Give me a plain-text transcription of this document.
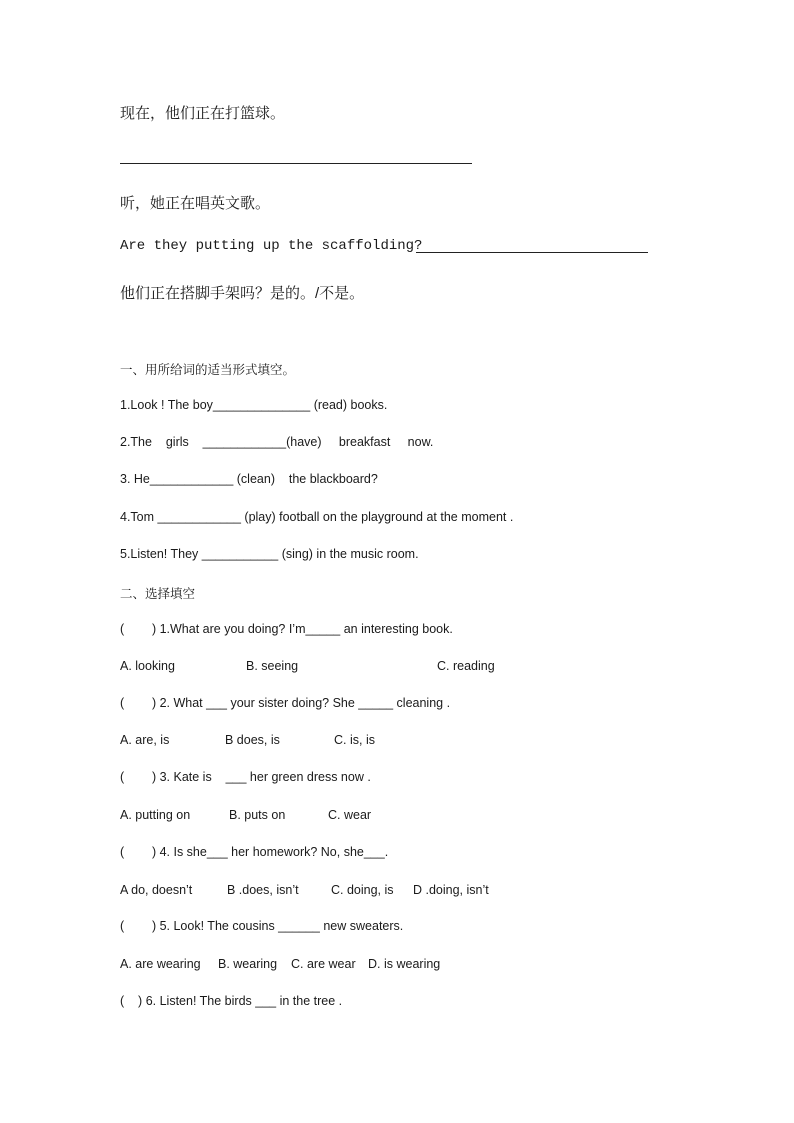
现在，他们正在打篮球。
听，她正在唱英文歌。
Are they putting up the scaffolding?
他们正在搭脚手架吗？是的。/不是。
一、用所给词的适当形式填空。
1.Look ! The boy______________ (read) books.
2.The    girls    ____________(have)     breakfast     now.
3. He____________ (clean)    the blackboard?
4.Tom ____________ (play) football on the playground at the moment .
5.Listen! They ___________ (sing) in the music room.
二、选择填空
(        ) 1.What are you doing? I’m_____ an interesting book.
A. looking	B. seeing	C. reading
(        ) 2. What ___ your sister doing? She _____ cleaning .
A. are, is	B does, is	C. is, is
(        ) 3. Kate is    ___ her green dress now .
A. putting on	B. puts on	C. wear
(        ) 4. Is she___ her homework? No, she___.
A do, doesn’t	B .does, isn’t	C. doing, is D .doing, isn’t
(        ) 5. Look! The cousins ______ new sweaters.
A. are wearing B. wearing C. are wear D. is wearing
(    ) 6. Listen! The birds ___ in the tree .
